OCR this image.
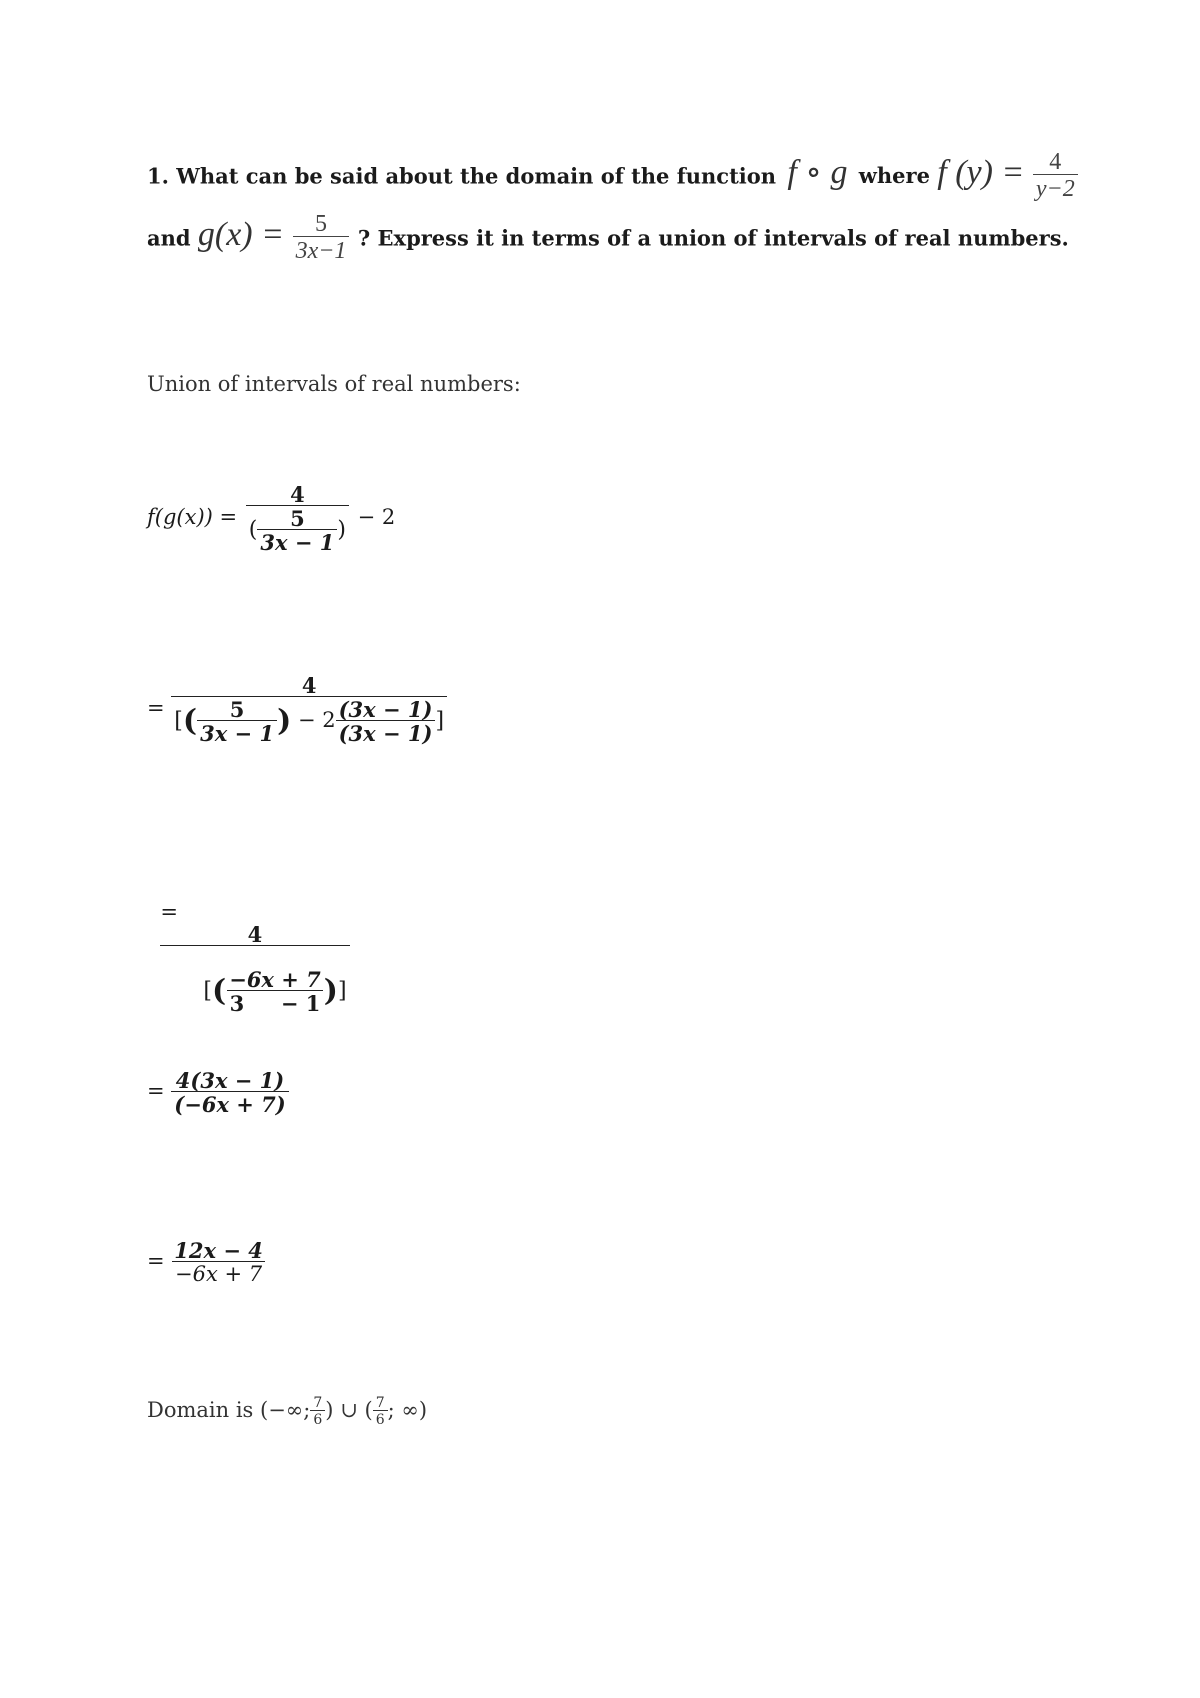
1. What can be said about the domain of the function f ∘ g where f $(y) = \frac{4}{y-2}$
and $g(x) = \frac{5}{3x-1}$ ? Express it in terms of a union of intervals of real numbers.
Union of intervals of real numbers:
$f(g(x)) = \frac{4}{( \frac{5}{3x - 1} )} - 2$
=
4
[( $\frac{5}{3x - 1}$ ) − $2 \frac{(3x - 1)}{(3x - 1)}$ ]

=

$\frac{4}{[( \frac{-6x + 7}{3 - 1} )]}$

= $\frac{4(3x - 1)}{(-6x + 7)}$
= $\frac{12x - 4}{-6x + 7}$
Domain is (−∞; $\frac{7}{6}$ ) ∪ ( $\frac{7}{6}$ ; ∞)
